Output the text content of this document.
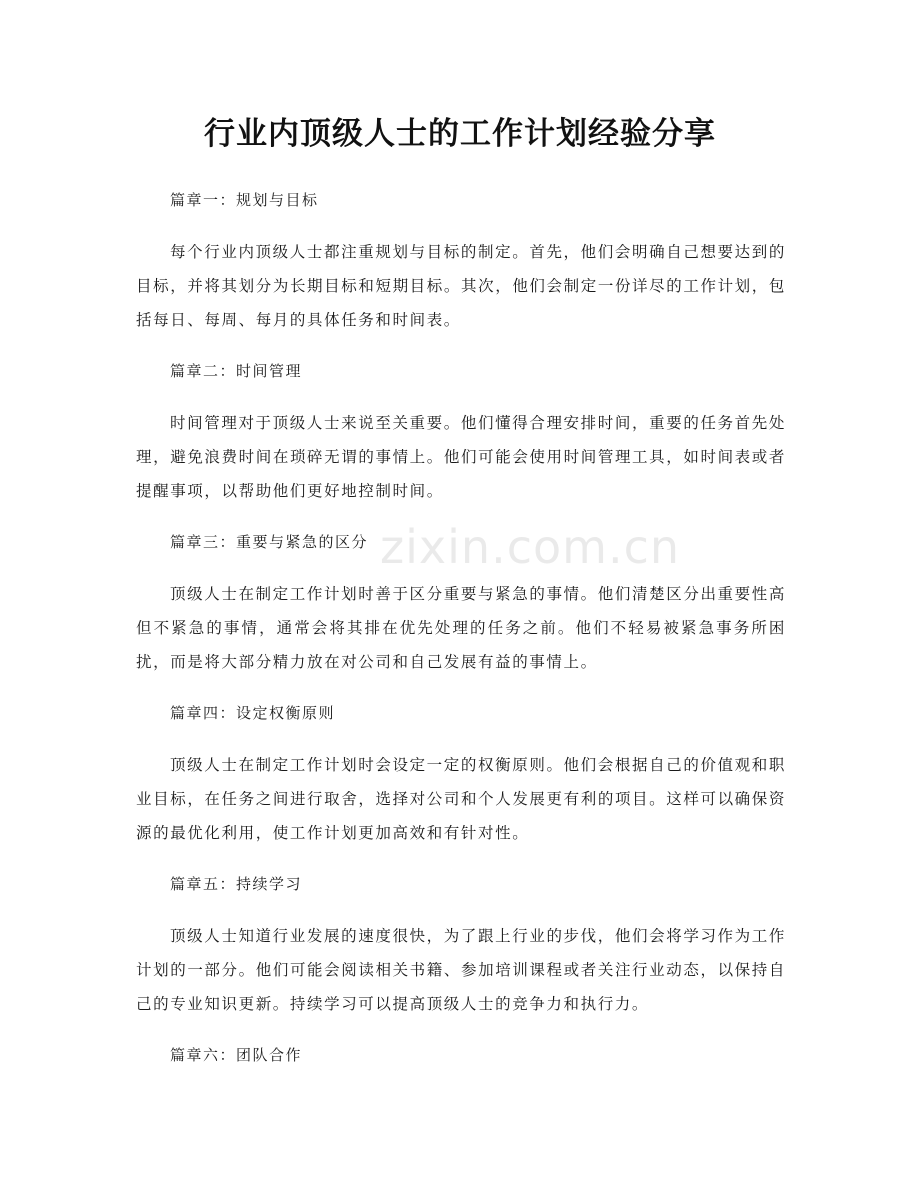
行业内顶级人士的工作计划经验分享
zixin.com.cn

篇章一：规划与目标

每个行业内顶级人士都注重规划与目标的制定。首先，他们会明确自己想要达到的目标，并将其划分为长期目标和短期目标。其次，他们会制定一份详尽的工作计划，包括每日、每周、每月的具体任务和时间表。

篇章二：时间管理

时间管理对于顶级人士来说至关重要。他们懂得合理安排时间，重要的任务首先处理，避免浪费时间在琐碎无谓的事情上。他们可能会使用时间管理工具，如时间表或者提醒事项，以帮助他们更好地控制时间。

篇章三：重要与紧急的区分

顶级人士在制定工作计划时善于区分重要与紧急的事情。他们清楚区分出重要性高但不紧急的事情，通常会将其排在优先处理的任务之前。他们不轻易被紧急事务所困扰，而是将大部分精力放在对公司和自己发展有益的事情上。

篇章四：设定权衡原则

顶级人士在制定工作计划时会设定一定的权衡原则。他们会根据自己的价值观和职业目标，在任务之间进行取舍，选择对公司和个人发展更有利的项目。这样可以确保资源的最优化利用，使工作计划更加高效和有针对性。

篇章五：持续学习

顶级人士知道行业发展的速度很快，为了跟上行业的步伐，他们会将学习作为工作计划的一部分。他们可能会阅读相关书籍、参加培训课程或者关注行业动态，以保持自己的专业知识更新。持续学习可以提高顶级人士的竞争力和执行力。

篇章六：团队合作
